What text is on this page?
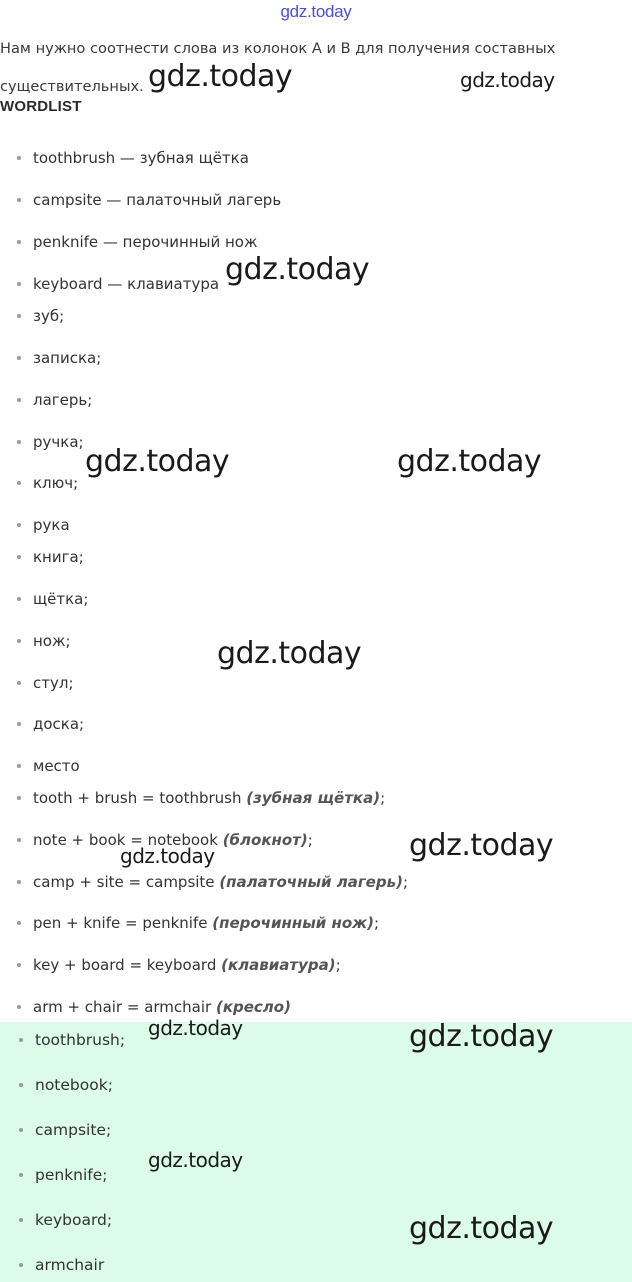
gdz.today

Нам нужно соотнести слова из колонок А и В для получения составных существительных.

WORDLIST
toothbrush — зубная щётка
campsite — палаточный лагерь
penknife — перочинный нож
keyboard — клавиатура
зуб;
записка;
лагерь;
ручка;
ключ;
рука
книга;
щётка;
нож;
стул;
доска;
место
tooth + brush = toothbrush (зубная щётка);
note + book = notebook (блокнот);
camp + site = campsite (палаточный лагерь);
pen + knife = penknife (перочинный нож);
key + board = keyboard (клавиатура);
arm + chair = armchair (кресло)
toothbrush;
notebook;
campsite;
penknife;
keyboard;
armchair
gdz.today	gdz.today
gdz.today
gdz.today	gdz.today
gdz.today
gdz.today
gdz.today
gdz.today	gdz.today
gdz.today
gdz.today
